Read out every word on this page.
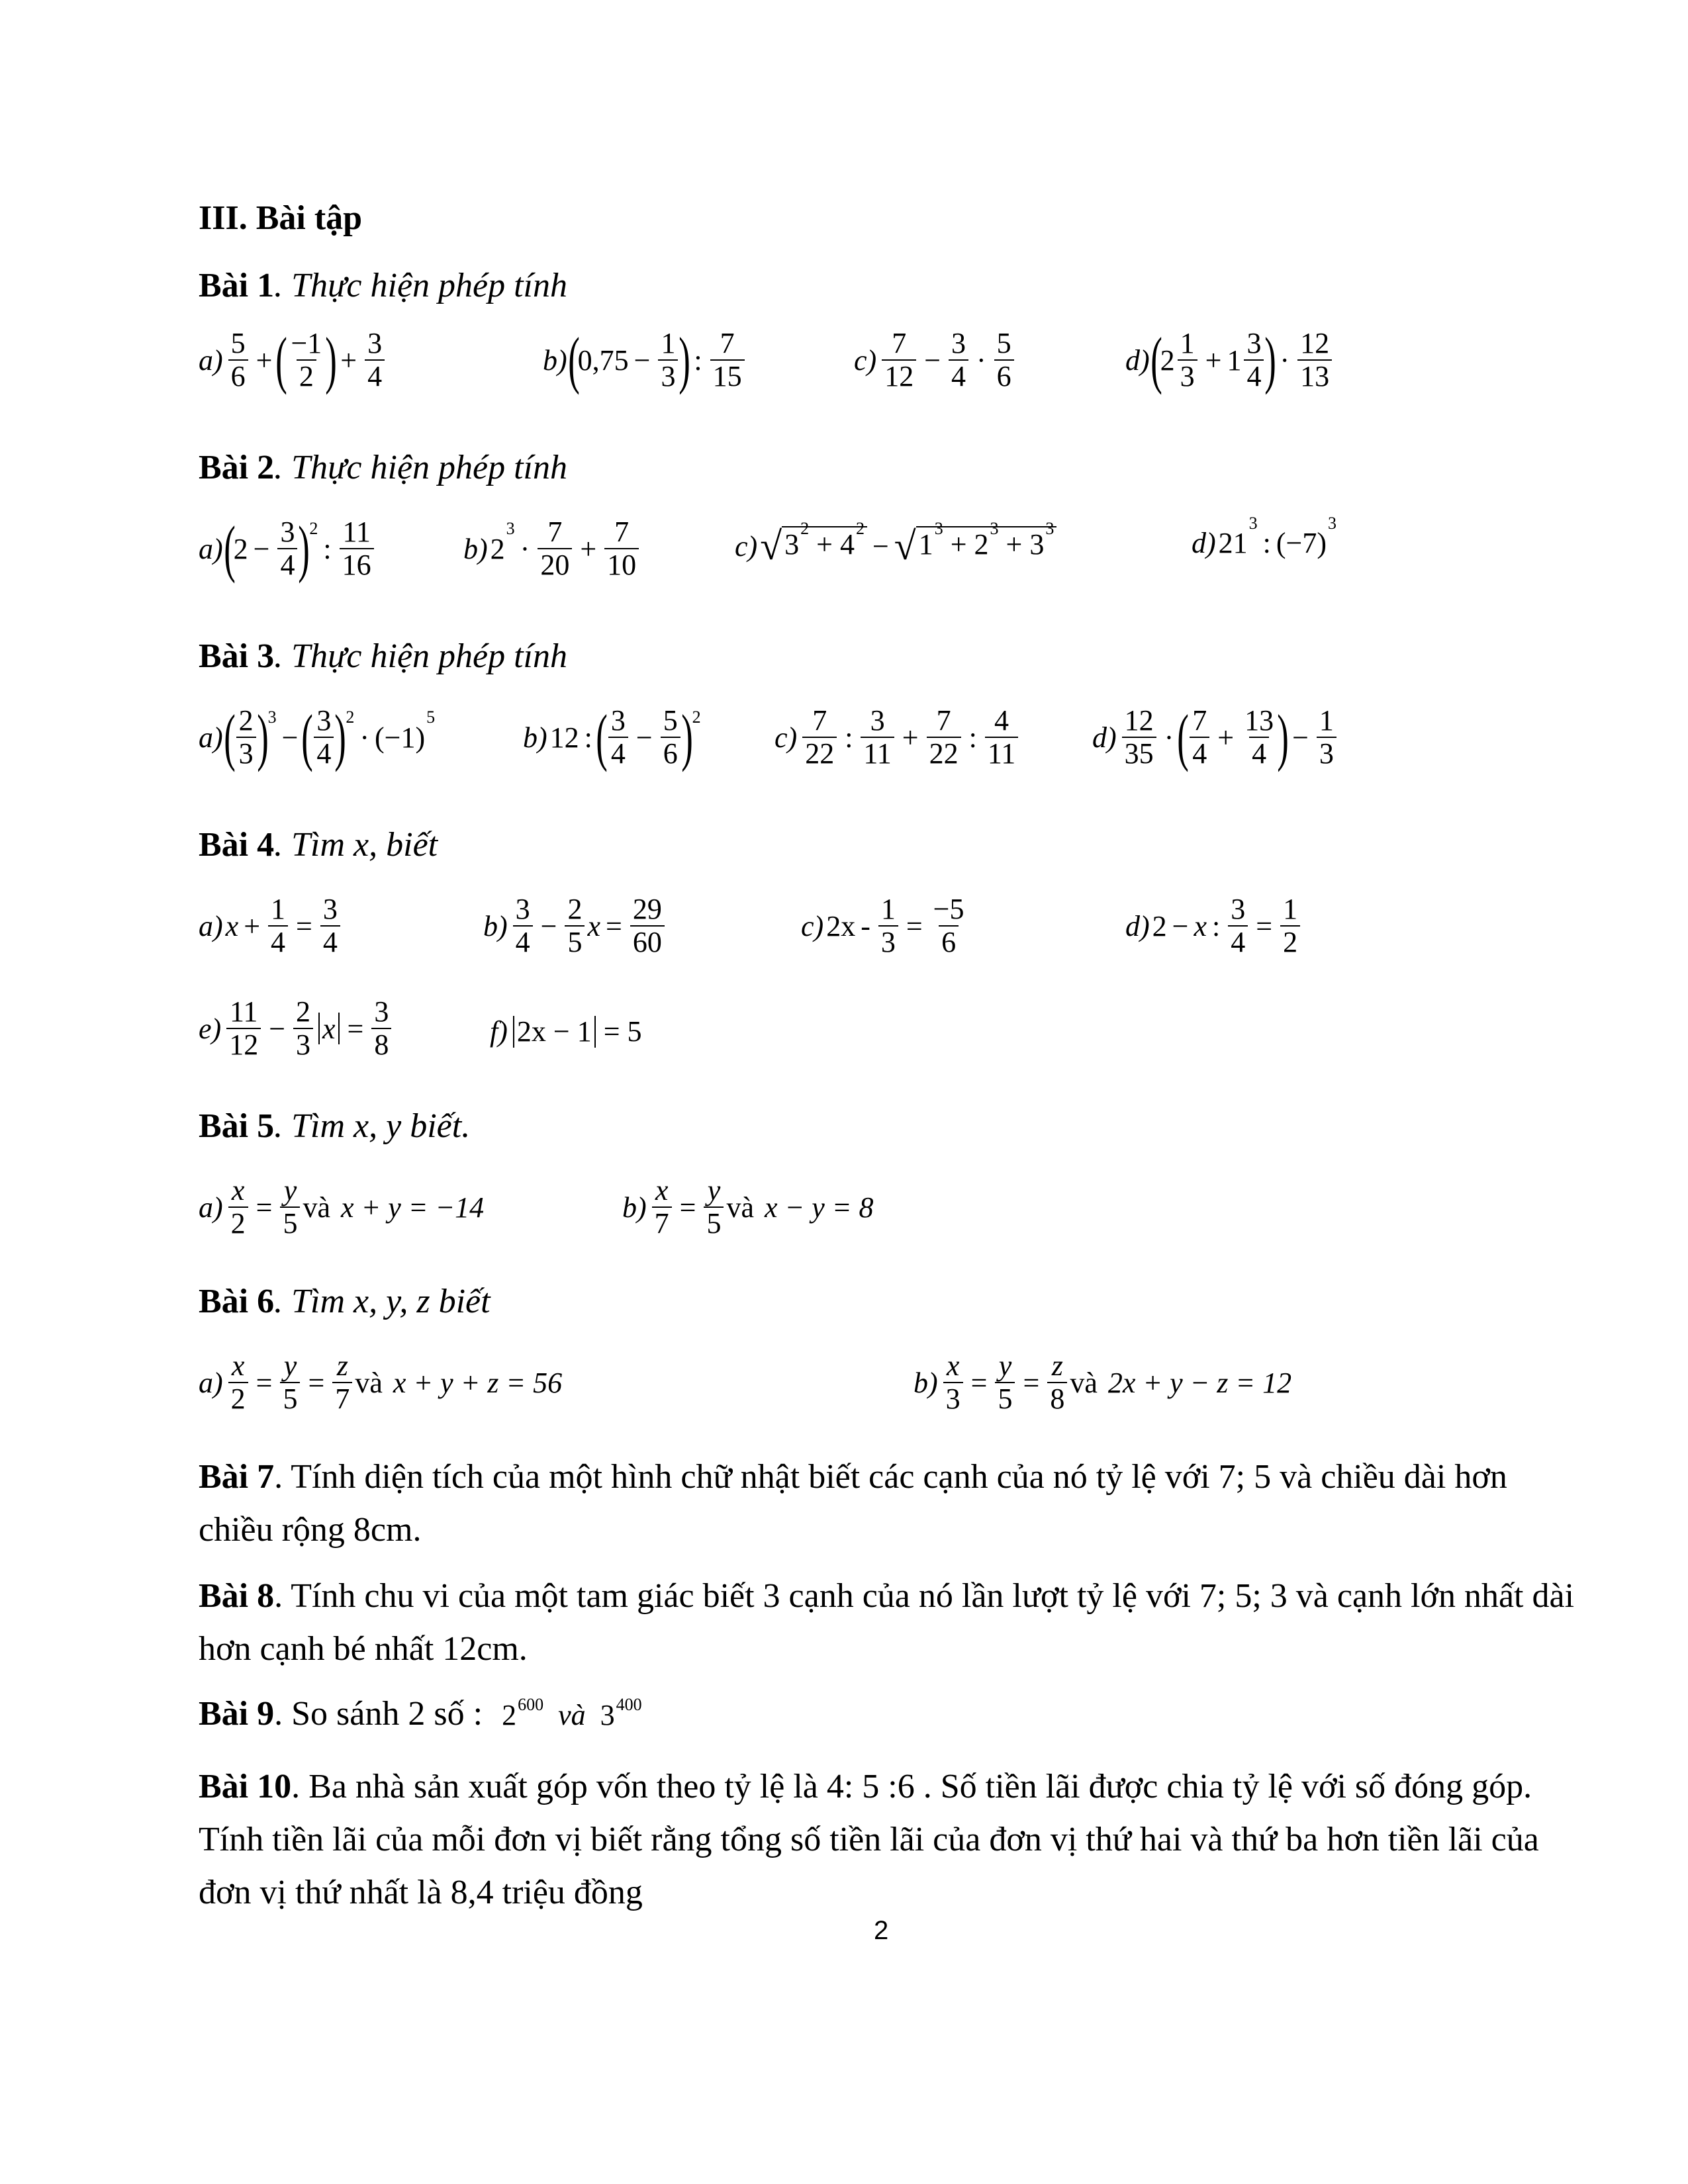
III. Bài tập
Bài 1. Thực hiện phép tính
a)
5
6 + ( −1
2 ) + $\frac{3}{4}$	b) (
$0,75 - \frac{1}{3}$ ) :
7
15	c)
7
$12 - \frac{3}{4}$ ·
5
6	d) (
2
1
$3 + 1 \frac{3}{4}$ ) ·
12
13
Bài 2. Thực hiện phép tính
a) (
$2 - \frac{3}{4}$ ) 2
:
11
16	b) 2
3
·
7
$20 + \frac{7}{10}$	c) √ $3^2 + 4^2$
− √ $1^3 + 2^3 + 3^3$	d) 21
3
: (−7)
3
Bài 3. Thực hiện phép tính
a) ( 2
3 ) 3
− ( 3
4 ) 2
· (−1)
5
b) 12 : ( 3
$4 - \frac{5}{6}$ ) 2
c)
7
22 :
3
$11 + \frac{7}{22}$ :
4
11	d)
12
35 · ( 7
$4 + \frac{13}{4}$ ) − $\frac{1}{3}$
Bài 4. Tìm x, biết
a) $x + \frac{1}{4} = \frac{3}{4}$	b)
3
$4 - \frac{2}{5}$ $x = \frac{29}{60}$	c) $2x - \frac{1}{3} = \frac{-5}{6}$	d) 2 − x : $\frac{3}{4} = \frac{1}{2}$
e)
11
$12 - \frac{2}{3}$ $x = \frac{3}{8}$	f) 2x − 1 = 5
Bài 5. Tìm x, y biết.
$a) \frac{x}{2} = \frac{y}{5}$ và x + y = −14	$b) \frac{x}{7} = \frac{y}{5}$ và x − y = 8
Bài 6. Tìm x, y, z biết
$a) \frac{x}{2} = \frac{y}{5} = \frac{z}{7}$ và x + y + z = 56	$b) \frac{x}{3} = \frac{y}{5} = \frac{z}{8}$ và 2x + y − z = 12
Bài 7. Tính diện tích của một hình chữ nhật biết các cạnh của nó tỷ lệ với 7; 5 và chiều dài hơn chiều rộng 8cm.
Bài 8. Tính chu vi của một tam giác biết 3 cạnh của nó lần lượt tỷ lệ với 7; 5; 3 và cạnh lớn nhất dài hơn cạnh bé nhất 12cm.
Bài 9. So sánh 2 số : $2^{600}$ và  $3^{400}$
Bài 10. Ba nhà sản xuất góp vốn theo tỷ lệ là 4: 5 :6 . Số tiền lãi được chia tỷ lệ với số đóng góp. Tính tiền lãi của mỗi đơn vị biết rằng tổng số tiền lãi của đơn vị thứ hai và thứ ba hơn tiền lãi của đơn vị thứ nhất là 8,4 triệu đồng
2
